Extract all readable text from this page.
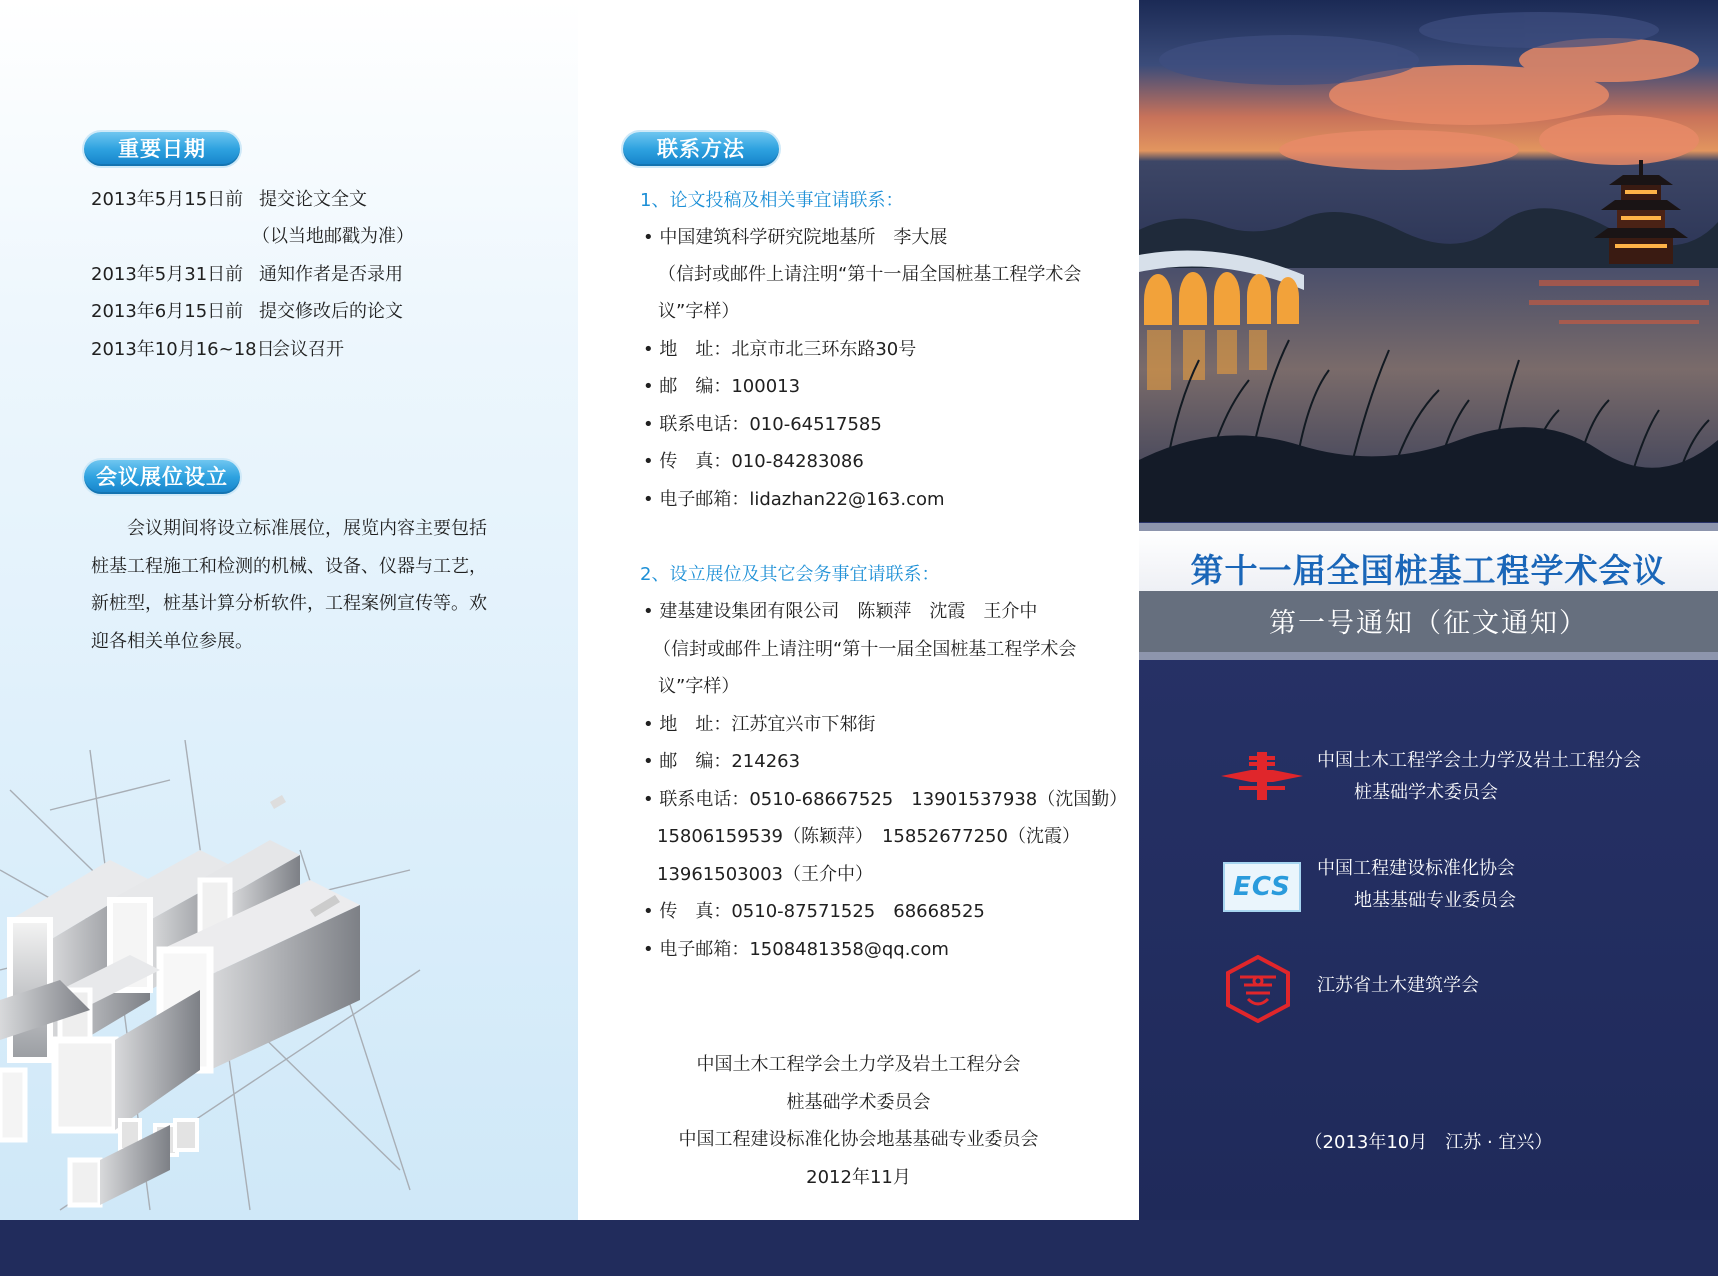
重要日期
2013年5月15日前 提交论文全文
（以当地邮戳为准）
2013年5月31日前 通知作者是否录用
2013年6月15日前 提交修改后的论文
2013年10月16~18日
会议召开
会议展位设立
　　会议期间将设立标准展位，展览内容主要包括
桩基工程施工和检测的机械、设备、仪器与工艺，
新桩型，桩基计算分析软件，工程案例宣传等。欢
迎各相关单位参展。
联系方法
1、论文投稿及相关事宜请联系：
• 中国建筑科学研究院地基所　李大展
（信封或邮件上请注明“第十一届全国桩基工程学术会
议”字样）
• 地　址：北京市北三环东路30号
• 邮　编：100013
• 联系电话：010-64517585
• 传　真：010-84283086
• 电子邮箱：lidazhan22@163.com
2、设立展位及其它会务事宜请联系：
• 建基建设集团有限公司　陈颖萍　沈霞　王介中
（信封或邮件上请注明“第十一届全国桩基工程学术会
议”字样）
• 地　址：江苏宜兴市下邾街
• 邮　编：214263
• 联系电话：0510-68667525　13901537938（沈国勤）
15806159539（陈颖萍）　15852677250（沈霞）
13961503003（王介中）
• 传　真：0510-87571525　68668525
• 电子邮箱：1508481358@qq.com
中国土木工程学会土力学及岩土工程分会
桩基础学术委员会
中国工程建设标准化协会地基基础专业委员会
2012年11月
第十一届全国桩基工程学术会议
第一号通知（征文通知）
中国土木工程学会土力学及岩土工程分会
桩基础学术委员会
ECS
中国工程建设标准化协会
地基基础专业委员会
江苏省土木建筑学会
（2013年10月　江苏 · 宜兴）
